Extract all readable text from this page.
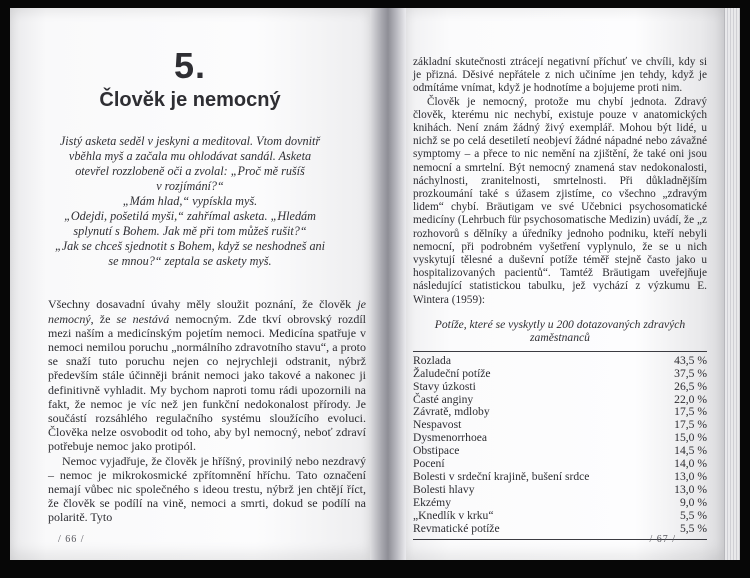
5.
Člověk je nemocný
Jistý asketa seděl v jeskyni a meditoval. Vtom dovnitř
vběhla myš a začala mu ohlodávat sandál. Asketa
otevřel rozzlobeně oči a zvolal: „Proč mě rušíš
v rozjímání?“
„Mám hlad,“ vypískla myš.
„Odejdi, pošetilá myši,“ zahřímal asketa. „Hledám
splynutí s Bohem. Jak mě při tom můžeš rušit?“
„Jak se chceš sjednotit s Bohem, když se neshodneš ani
se mnou?“ zeptala se askety myš.

Všechny dosavadní úvahy měly sloužit poznání, že člověk je nemocný, že se nestává nemocným. Zde tkví obrovský rozdíl mezi naším a medicínským pojetím nemoci. Medicína spatřuje v nemoci nemilou poruchu „normálního zdravotního stavu“, a proto se snaží tuto poruchu nejen co nejrychleji odstranit, nýbrž především stále účinněji bránit nemoci jako takové a nakonec ji definitivně vyhladit. My bychom naproti tomu rádi upozornili na fakt, že nemoc je víc než jen funkční nedokonalost přírody. Je součástí rozsáhlého regulačního systému sloužícího evoluci. Člověka nelze osvobodit od toho, aby byl nemocný, neboť zdraví potřebuje nemoc jako protipól.

Nemoc vyjadřuje, že člověk je hříšný, provinilý nebo nezdravý – nemoc je mikrokosmické zpřítomnění hříchu. Tato označení nemají vůbec nic společného s ideou trestu, nýbrž jen chtějí říct, že člověk se podílí na vině, nemoci a smrti, dokud se podílí na polaritě. Tyto

/ 66 /

základní skutečnosti ztrácejí negativní příchuť ve chvíli, kdy si je přizná. Děsivé nepřátele z nich učiníme jen tehdy, když je odmítáme vnímat, když je hodnotíme a bojujeme proti nim.

Člověk je nemocný, protože mu chybí jednota. Zdravý člověk, kterému nic nechybí, existuje pouze v anatomických knihách. Není znám žádný živý exemplář. Mohou být lidé, u nichž se po celá desetiletí neobjeví žádné nápadné nebo závažné symptomy – a přece to nic nemění na zjištění, že také oni jsou nemocní a smrtelní. Být nemocný znamená stav nedokonalosti, náchylnosti, zranitelnosti, smrtelnosti. Při důkladnějším prozkoumání také s úžasem zjistíme, co všechno „zdravým lidem“ chybí. Bräutigam ve své Učebnici psychosomatické medicíny (Lehrbuch für psychosomatische Medizin) uvádí, že „z rozhovorů s dělníky a úředníky jednoho podniku, kteří nebyli nemocní, při podrobném vyšetření vyplynulo, že se u nich vyskytují tělesné a duševní potíže téměř stejně často jako u hospitalizovaných pacientů“. Tamtéž Bräutigam uveřejňuje následující statistickou tabulku, jež vychází z výzkumu E. Wintera (1959):

Potíže, které se vyskytly u 200 dotazovaných zdravých zaměstnanců
Rozlada	43,5 %
Žaludeční potíže	37,5 %
Stavy úzkosti	26,5 %
Časté anginy	22,0 %
Závratě, mdloby	17,5 %
Nespavost	17,5 %
Dysmenorrhoea	15,0 %
Obstipace	14,5 %
Pocení	14,0 %
Bolesti v srdeční krajině, bušení srdce	13,0 %
Bolesti hlavy	13,0 %
Ekzémy	9,0 %
„Knedlík v krku“	5,5 %
Revmatické potíže	5,5 %
/ 67 /
